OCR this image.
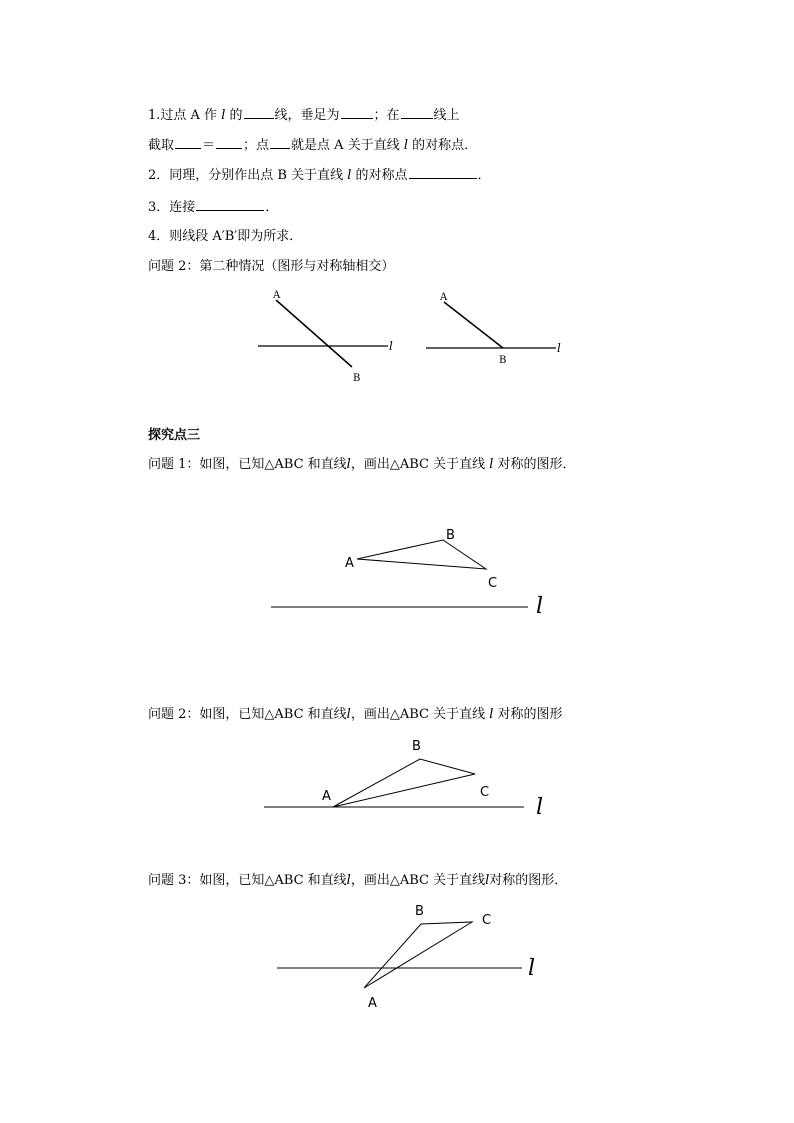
1.过点 A 作 l 的 线，垂足为	；在	线上
截取 ＝ ；点 就是点 A 关于直线 l 的对称点．
2．同理，分别作出点 B 关于直线 l 的对称点	．
3．连接	．
4．则线段 A′B′即为所求．
问题 2：第二种情况（图形与对称轴相交）
探究点三
问题 1：如图，已知△ABC 和直线l，画出△ABC 关于直线 l 对称的图形．
问题 2：如图，已知△ABC 和直线l，画出△ABC 关于直线 l 对称的图形
问题 3：如图，已知△ABC 和直线l，画出△ABC 关于直线l对称的图形．
A
B
l
A
B
l
A
B
C
l
A
B
C
l
A
B
C
l
